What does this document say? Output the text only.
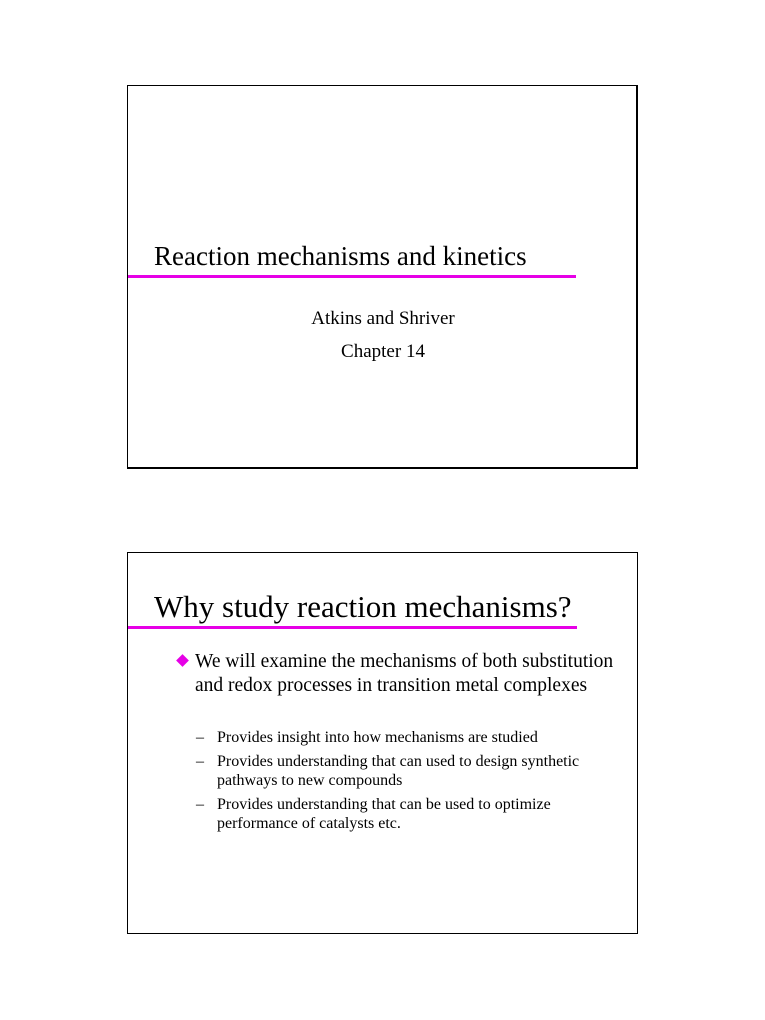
Reaction mechanisms and kinetics
Atkins and Shriver
Chapter 14
Why study reaction mechanisms?
We will examine the mechanisms of both substitution and redox processes in transition metal complexes
– Provides insight into how mechanisms are studied
– Provides understanding that can used to design synthetic pathways to new compounds
– Provides understanding that can be used to optimize performance of catalysts etc.
